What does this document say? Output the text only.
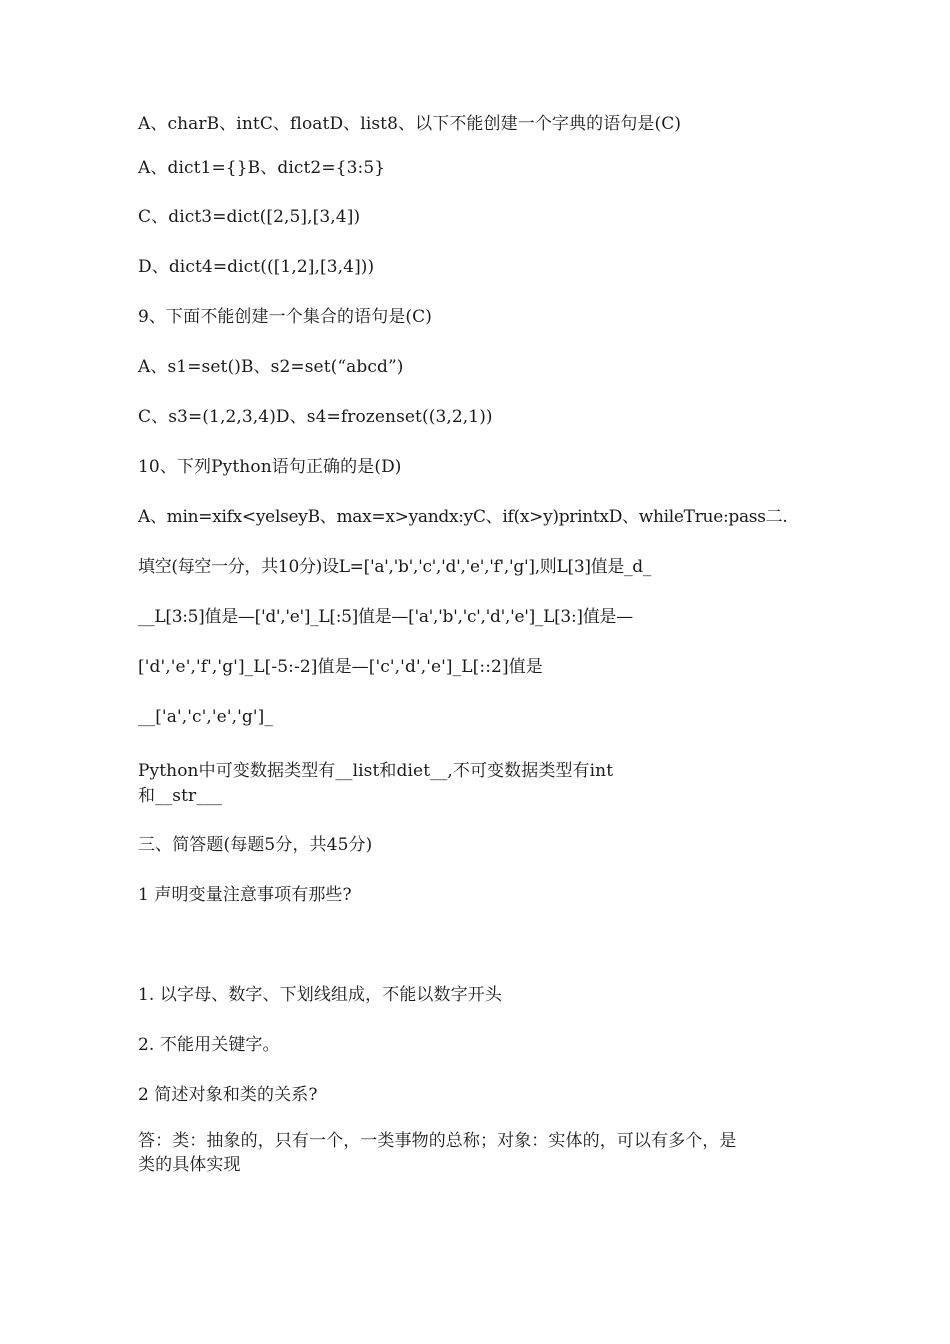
A、charB、intC、floatD、list8、以下不能创建一个字典的语句是(C)
A、dict1={}B、dict2={3:5}
C、dict3=dict([2,5],[3,4])
D、dict4=dict(([1,2],[3,4]))
9、下面不能创建一个集合的语句是(C)
A、s1=set()B、s2=set(“abcd”)
C、s3=(1,2,3,4)D、s4=frozenset((3,2,1))
10、下列Python语句正确的是(D)
A、min=xifx<yelseyB、max=x>yandx:yC、if(x>y)printxD、whileTrue:pass二.
填空(每空一分，共10分)设L=['a','b','c','d','e','f','g'],则L[3]值是_d_
__L[3:5]值是—['d','e']_L[:5]值是—['a','b','c','d','e']_L[3:]值是—
['d','e','f','g']_L[-5:-2]值是—['c','d','e']_L[::2]值是
__['a','c','e','g']_
Python中可变数据类型有__list和diet__,不可变数据类型有int
和__str___
三、简答题(每题5分，共45分)
1 声明变量注意事项有那些?
1. 以字母、数字、下划线组成，不能以数字开头
2. 不能用关键字。
2 简述对象和类的关系?
答：类：抽象的，只有一个，一类事物的总称；对象：实体的，可以有多个，是
类的具体实现
